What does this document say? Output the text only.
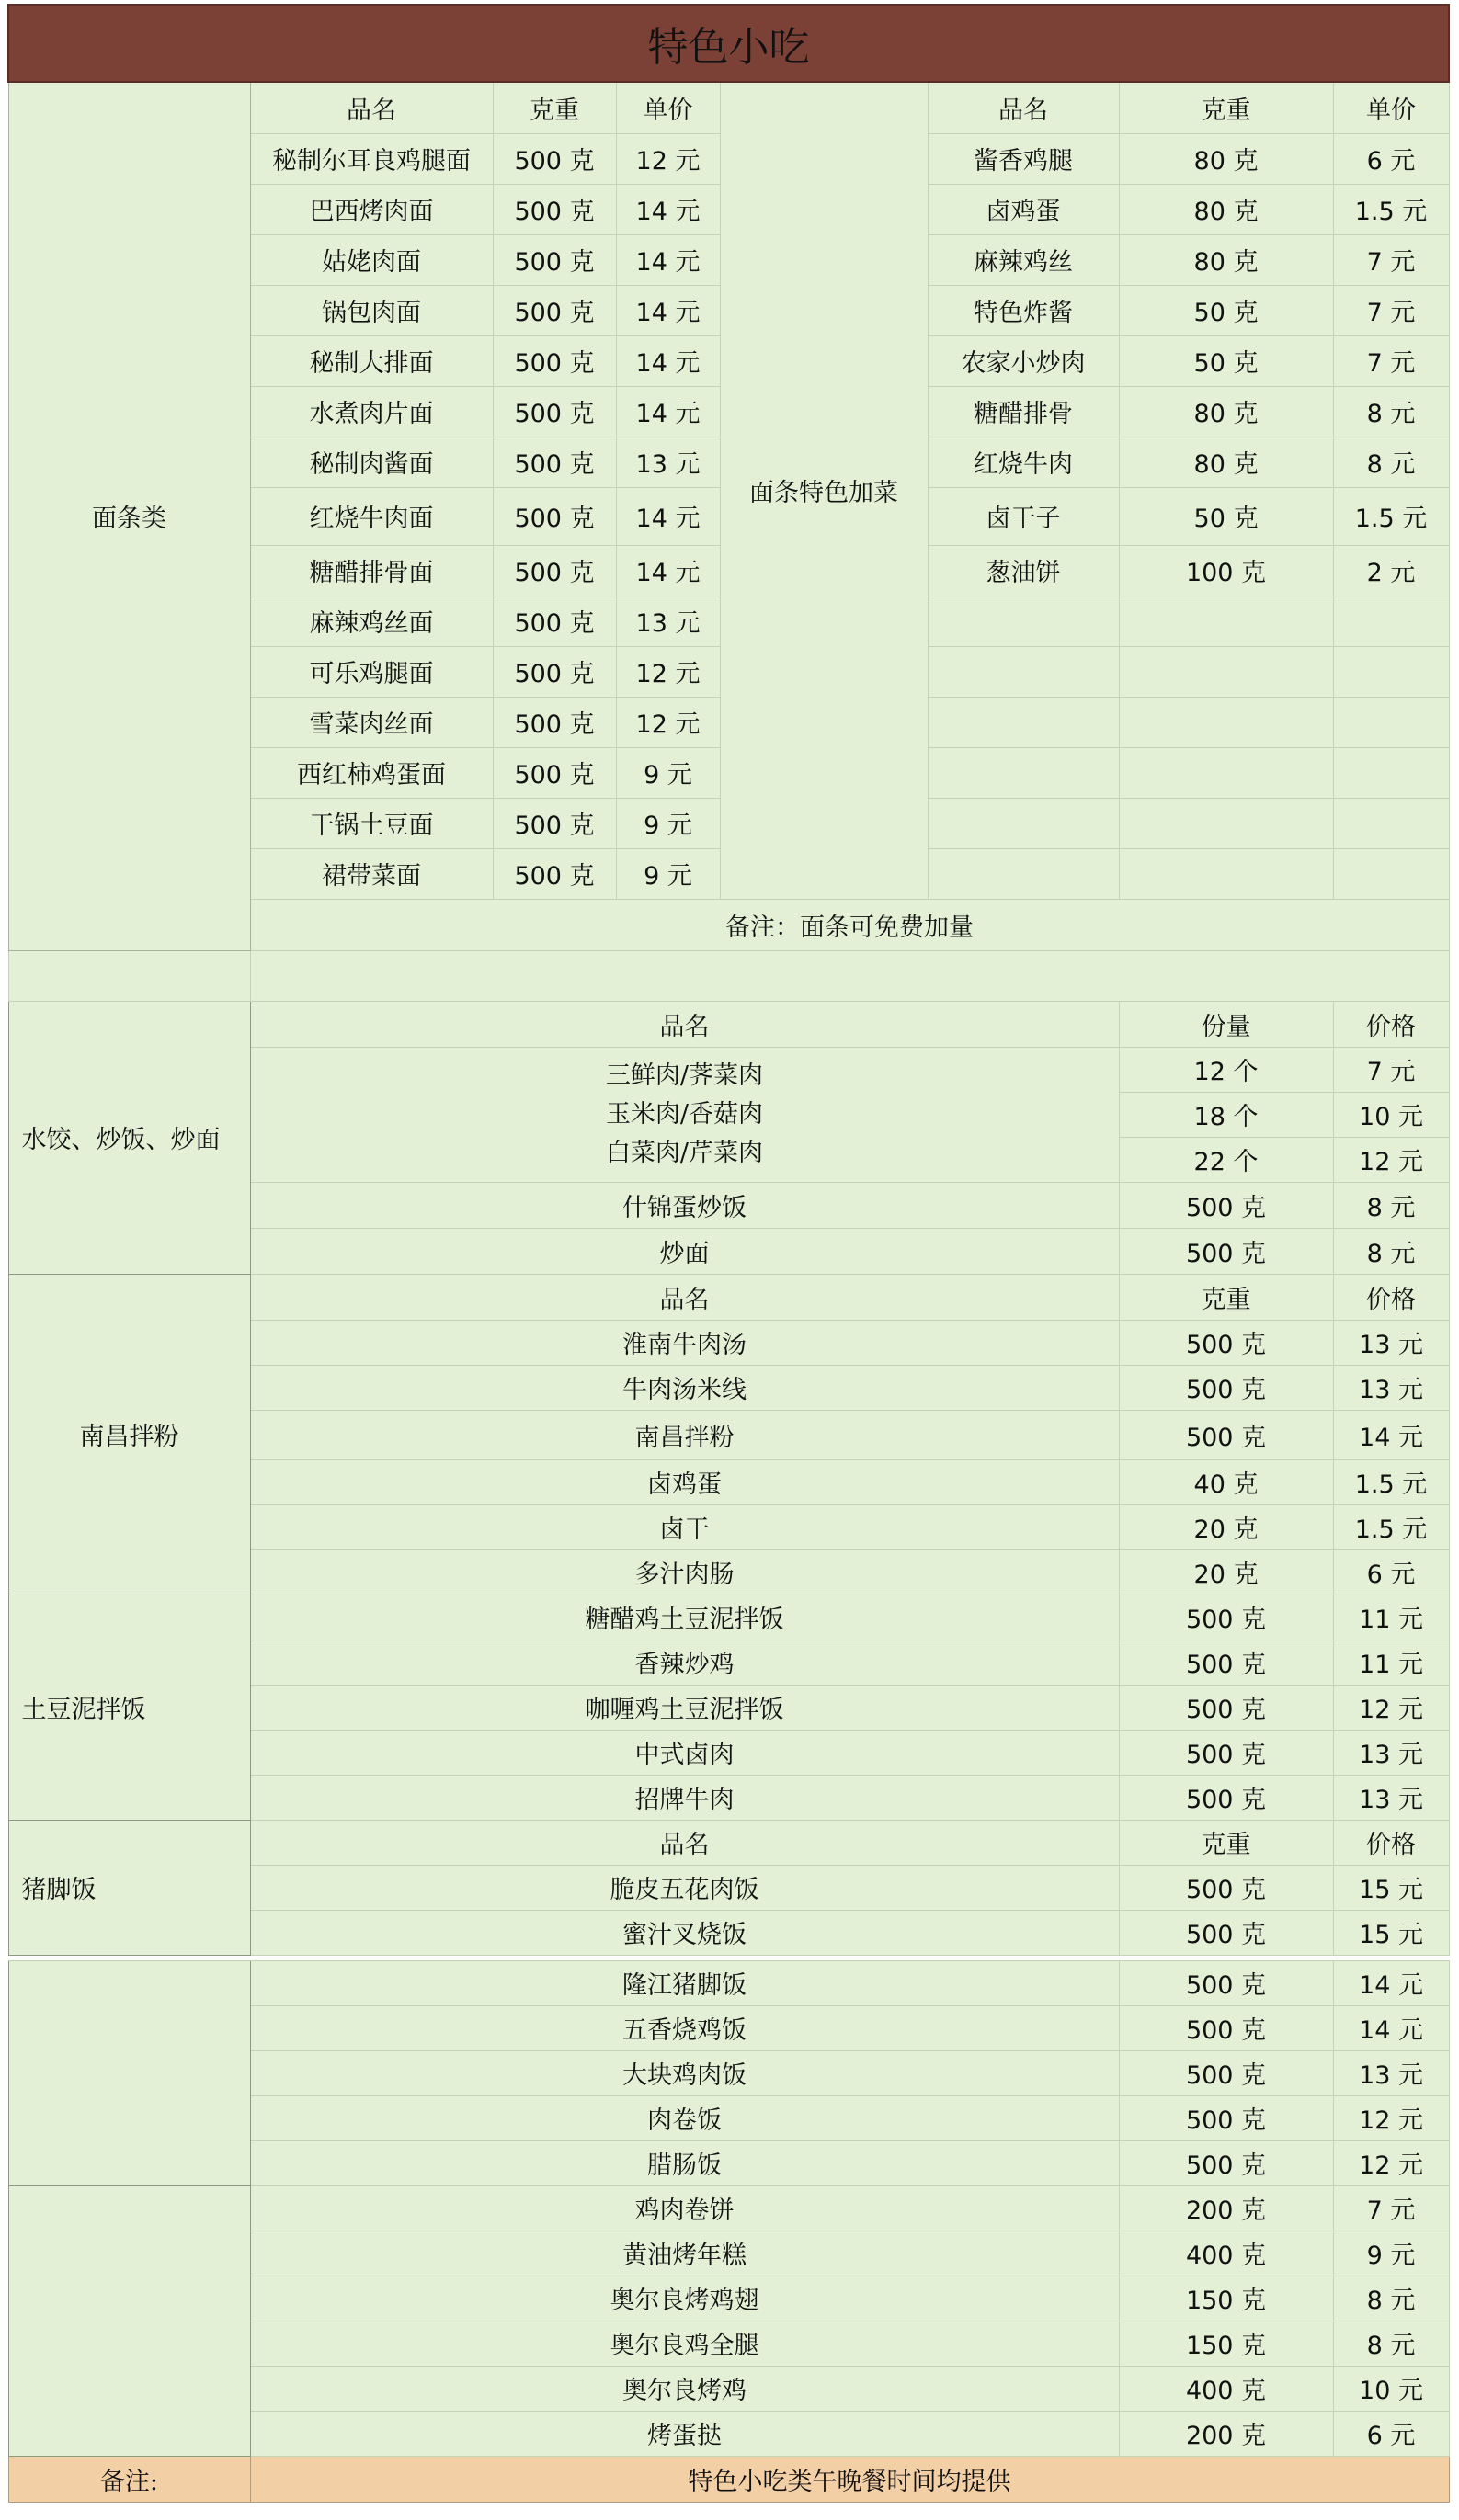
特色小吃							
面条类	品名	克重	单价	面条特色加菜	品名	克重	单价
	秘制尔耳良鸡腿面	500 克	12 元		酱香鸡腿	80 克	6 元
	巴西烤肉面	500 克	14 元		卤鸡蛋	80 克	1.5 元
	姑姥肉面	500 克	14 元		麻辣鸡丝	80 克	7 元
	锅包肉面	500 克	14 元		特色炸酱	50 克	7 元
	秘制大排面	500 克	14 元		农家小炒肉	50 克	7 元
	水煮肉片面	500 克	14 元		糖醋排骨	80 克	8 元
	秘制肉酱面	500 克	13 元		红烧牛肉	80 克	8 元
	红烧牛肉面	500 克	14 元		卤干子	50 克	1.5 元
	糖醋排骨面	500 克	14 元		葱油饼	100 克	2 元
	麻辣鸡丝面	500 克	13 元				
	可乐鸡腿面	500 克	12 元				
	雪菜肉丝面	500 克	12 元				
	西红柿鸡蛋面	500 克	9 元				
	干锅土豆面	500 克	9 元				
	裙带菜面	500 克	9 元				
	备注：面条可免费加量						

水饺、炒饭、炒面	品名					份量	价格

	三鲜肉/荠菜肉
玉米肉/香菇肉
白菜肉/芹菜肉					12 个	7 元
						18 个	10 元
						22 个	12 元
	什锦蛋炒饭					500 克	8 元
	炒面					500 克	8 元
南昌拌粉	品名					克重	价格
	淮南牛肉汤					500 克	13 元
	牛肉汤米线					500 克	13 元
	南昌拌粉					500 克	14 元
	卤鸡蛋					40 克	1.5 元
	卤干					20 克	1.5 元
	多汁肉肠					20 克	6 元
土豆泥拌饭	糖醋鸡土豆泥拌饭					500 克	11 元
	香辣炒鸡					500 克	11 元
	咖喱鸡土豆泥拌饭					500 克	12 元
	中式卤肉					500 克	13 元
	招牌牛肉					500 克	13 元
猪脚饭	品名					克重	价格
	脆皮五花肉饭					500 克	15 元
	蜜汁叉烧饭					500 克	15 元

	隆江猪脚饭					500 克	14 元
	五香烧鸡饭					500 克	14 元
	大块鸡肉饭					500 克	13 元
	肉卷饭					500 克	12 元
	腊肠饭					500 克	12 元
	鸡肉卷饼					200 克	7 元
	黄油烤年糕					400 克	9 元
	奥尔良烤鸡翅					150 克	8 元
	奥尔良鸡全腿					150 克	8 元
	奥尔良烤鸡					400 克	10 元
	烤蛋挞					200 克	6 元
备注:	特色小吃类午晚餐时间均提供						
